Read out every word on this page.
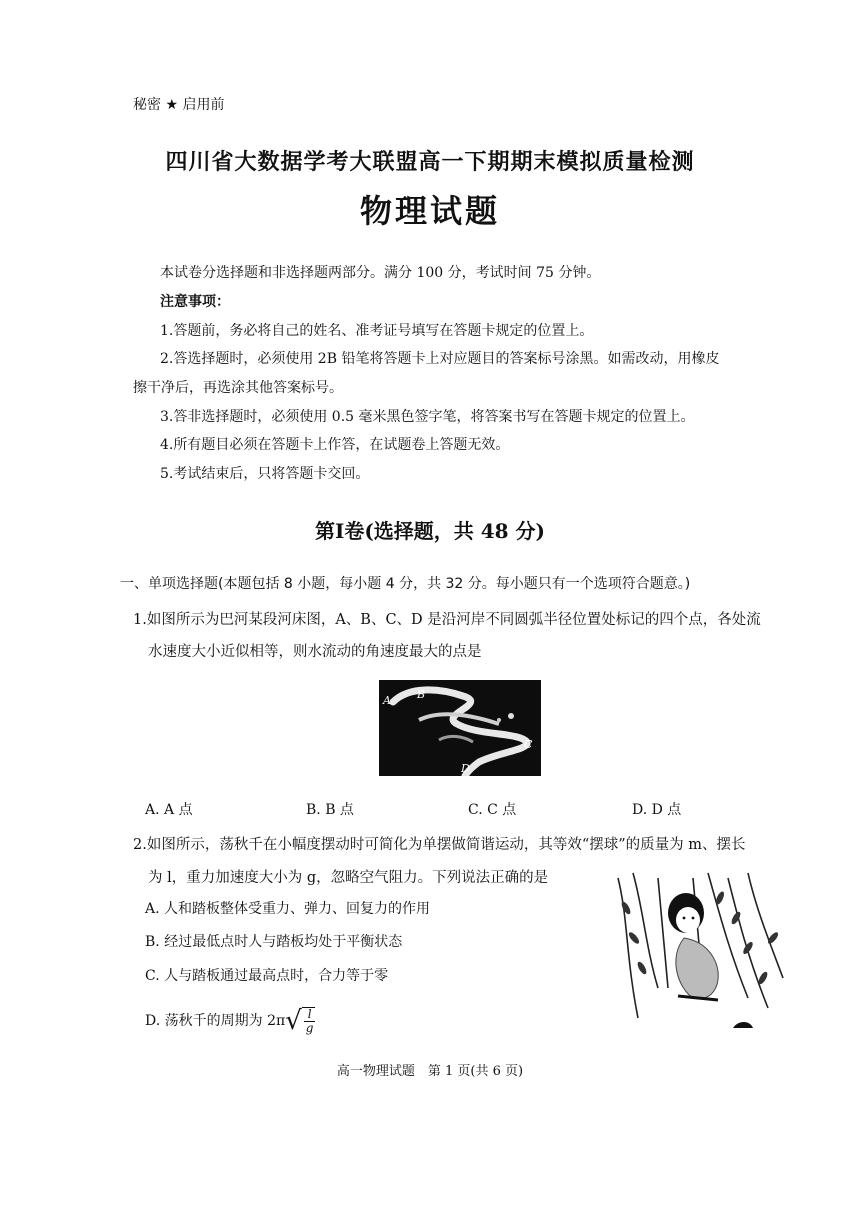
秘密 ★ 启用前
四川省大数据学考大联盟高一下期期末模拟质量检测
物理试题
本试卷分选择题和非选择题两部分。满分 100 分，考试时间 75 分钟。
注意事项：
1.答题前，务必将自己的姓名、准考证号填写在答题卡规定的位置上。
2.答选择题时，必须使用 2B 铅笔将答题卡上对应题目的答案标号涂黑。如需改动，用橡皮
擦干净后，再选涂其他答案标号。
3.答非选择题时，必须使用 0.5 毫米黑色签字笔，将答案书写在答题卡规定的位置上。
4.所有题目必须在答题卡上作答，在试题卷上答题无效。
5.考试结束后，只将答题卡交回。
第Ⅰ卷(选择题，共 48 分)
一、单项选择题(本题包括 8 小题，每小题 4 分，共 32 分。每小题只有一个选项符合题意。)
1.如图所示为巴河某段河床图，A、B、C、D 是沿河岸不同圆弧半径位置处标记的四个点，各处流
水速度大小近似相等，则水流动的角速度最大的点是
A B
C
D
A. A 点	B. B 点	C. C 点	D. D 点
2.如图所示，荡秋千在小幅度摆动时可简化为单摆做简谐运动，其等效“摆球”的质量为 m、摆长
为 l，重力加速度大小为 g，忽略空气阻力。下列说法正确的是
A. 人和踏板整体受重力、弹力、回复力的作用
B. 经过最低点时人与踏板均处于平衡状态
C. 人与踏板通过最高点时，合力等于零
D. 荡秋千的周期为 $2\pi√ \frac{l}{g}$
高一物理试题　第 1 页(共 6 页)
